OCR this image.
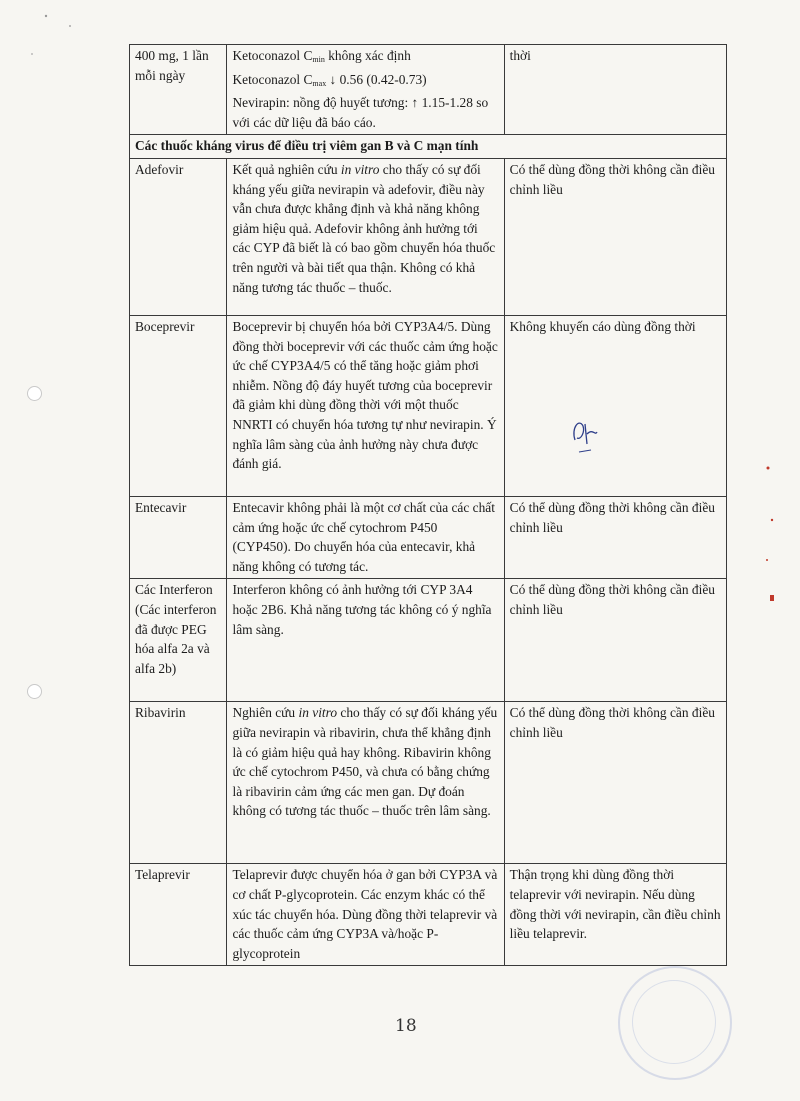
400 mg, 1 lần mỗi ngày	Ketoconazol $C_{min}$ không xác định
Ketoconazol $C_{max}$ ↓ 0.56 (0.42-0.73)
Nevirapin: nồng độ huyết tương: ↑ 1.15-1.28 so với các dữ liệu đã báo cáo.	thời
Các thuốc kháng virus để điều trị viêm gan B và C mạn tính		
Adefovir	Kết quả nghiên cứu in vitro cho thấy có sự đối kháng yếu giữa nevirapin và adefovir, điều này vẫn chưa được khẳng định và khả năng không giảm hiệu quả. Adefovir không ảnh hưởng tới các CYP đã biết là có bao gồm chuyển hóa thuốc trên người và bài tiết qua thận. Không có khả năng tương tác thuốc – thuốc.	Có thể dùng đồng thời không cần điều chỉnh liều
Boceprevir	Boceprevir bị chuyển hóa bởi CYP3A4/5. Dùng đồng thời boceprevir với các thuốc cảm ứng hoặc ức chế CYP3A4/5 có thể tăng hoặc giảm phơi nhiễm. Nồng độ đáy huyết tương của boceprevir đã giảm khi dùng đồng thời với một thuốc NNRTI có chuyển hóa tương tự như nevirapin. Ý nghĩa lâm sàng của ảnh hưởng này chưa được đánh giá.	Không khuyến cáo dùng đồng thời
Entecavir	Entecavir không phải là một cơ chất của các chất cảm ứng hoặc ức chế cytochrom P450 (CYP450). Do chuyển hóa của entecavir, khả năng không có tương tác.	Có thể dùng đồng thời không cần điều chỉnh liều
Các Interferon (Các interferon đã được PEG hóa alfa 2a và alfa 2b)	Interferon không có ảnh hưởng tới CYP 3A4 hoặc 2B6. Khả năng tương tác không có ý nghĩa lâm sàng.	Có thể dùng đồng thời không cần điều chỉnh liều
Ribavirin	Nghiên cứu in vitro cho thấy có sự đối kháng yếu giữa nevirapin và ribavirin, chưa thể khẳng định là có giảm hiệu quả hay không. Ribavirin không ức chế cytochrom P450, và chưa có bằng chứng là ribavirin cảm ứng các men gan. Dự đoán không có tương tác thuốc – thuốc trên lâm sàng.	Có thể dùng đồng thời không cần điều chỉnh liều
Telaprevir	Telaprevir được chuyển hóa ở gan bởi CYP3A và cơ chất P-glycoprotein. Các enzym khác có thể xúc tác chuyển hóa. Dùng đồng thời telaprevir và các thuốc cảm ứng CYP3A và/hoặc P-glycoprotein	Thận trọng khi dùng đồng thời telaprevir với nevirapin. Nếu dùng đồng thời với nevirapin, cần điều chỉnh liều telaprevir.
18
